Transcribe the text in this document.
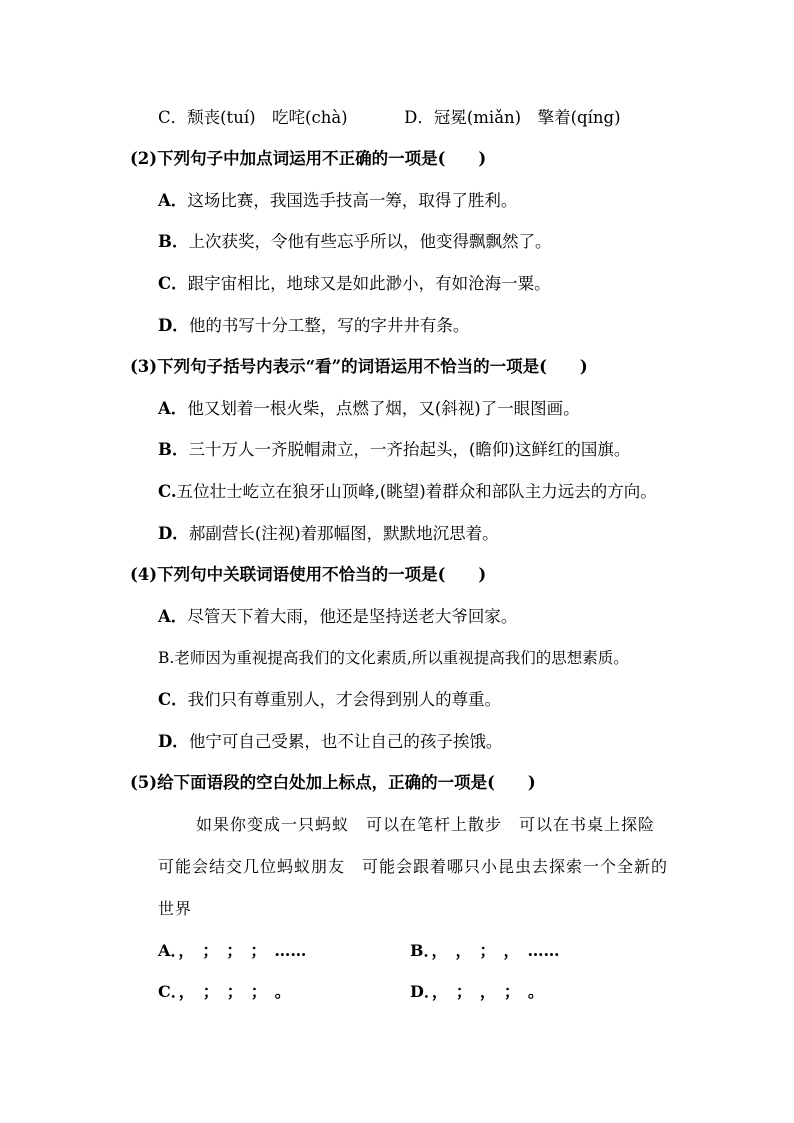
C．颓丧(tuí)　吃咤(chà)	D．冠冕(miǎn)　擎着(qíng)
(2)下列句子中加点词运用不正确的一项是(　　)
A．这场比赛，我国选手技高一筹，取得了胜利。
B．上次获奖，令他有些忘乎所以，他变得飘飘然了。
C．跟宇宙相比，地球又是如此渺小，有如沧海一粟。
D．他的书写十分工整，写的字井井有条。
(3)下列句子括号内表示“看”的词语运用不恰当的一项是(　　)
A．他又划着一根火柴，点燃了烟，又(斜视)了一眼图画。
B．三十万人一齐脱帽肃立，一齐抬起头，(瞻仰)这鲜红的国旗。
C.五位壮士屹立在狼牙山顶峰,(眺望)着群众和部队主力远去的方向。
D．郝副营长(注视)着那幅图，默默地沉思着。
(4)下列句中关联词语使用不恰当的一项是(　　)
A．尽管天下着大雨，他还是坚持送老大爷回家。
B.老师因为重视提高我们的文化素质,所以重视提高我们的思想素质。
C．我们只有尊重别人，才会得到别人的尊重。
D．他宁可自己受累，也不让自己的孩子挨饿。
(5)给下面语段的空白处加上标点，正确的一项是(　　)
如果你变成一只蚂蚁　可以在笔杆上散步　可以在书桌上探险
可能会结交几位蚂蚁朋友　可能会跟着哪只小昆虫去探索一个全新的
世界
A．，　；　；　；　……	B．，　，　；　，　……
C．，　；　；　；　。	D．，　；　，　；　。
